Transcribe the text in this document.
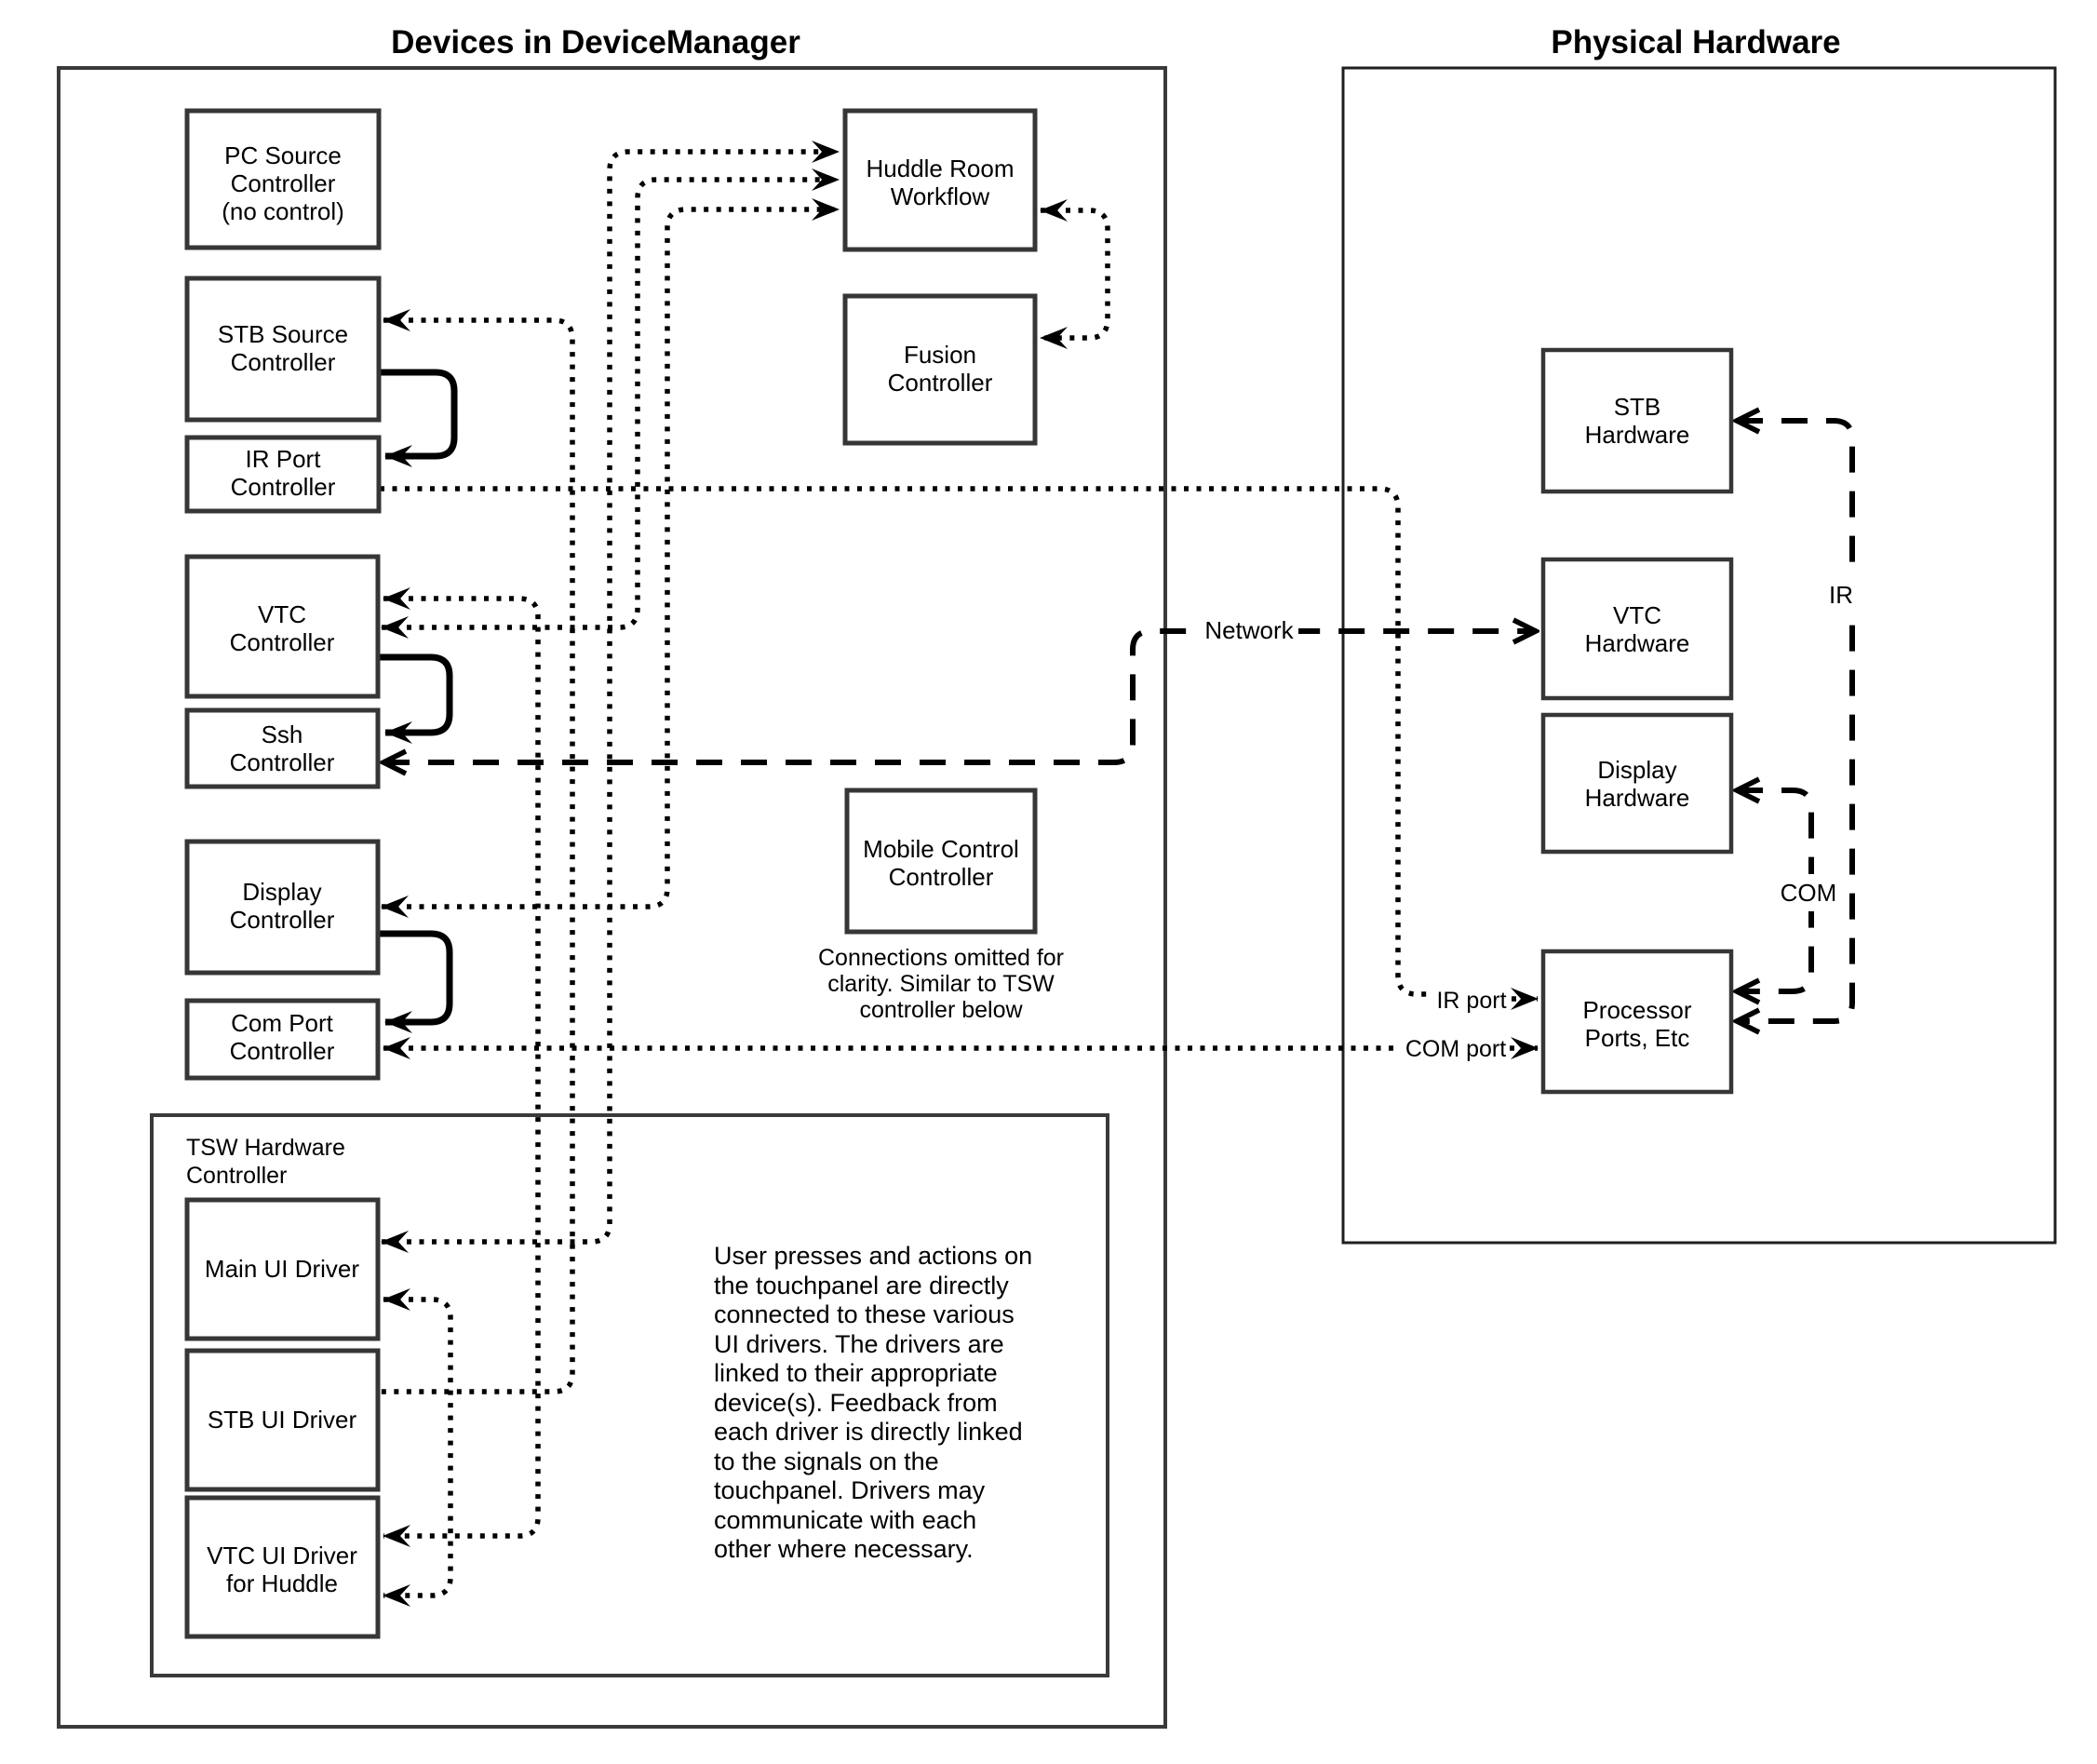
Devices in DeviceManager	Physical Hardware
Network
IR
COM
IR port
COM port
PC Source
Controller
(no control)
STB Source
Controller
IR Port
Controller
VTC
Controller
Ssh
Controller
Display
Controller
Com Port
Controller
Huddle Room
Workflow
Fusion
Controller
Mobile Control
Controller
Connections omitted for
clarity. Similar to TSW
controller below
TSW Hardware
Controller
Main UI Driver
STB UI Driver
VTC UI Driver
for Huddle
User presses and actions on
the touchpanel are directly
connected to these various
UI drivers. The drivers are
linked to their appropriate
device(s). Feedback from
each driver is directly linked
to the signals on the
touchpanel. Drivers may
communicate with each
other where necessary.
STB
Hardware
VTC
Hardware
Display
Hardware
Processor
Ports, Etc
